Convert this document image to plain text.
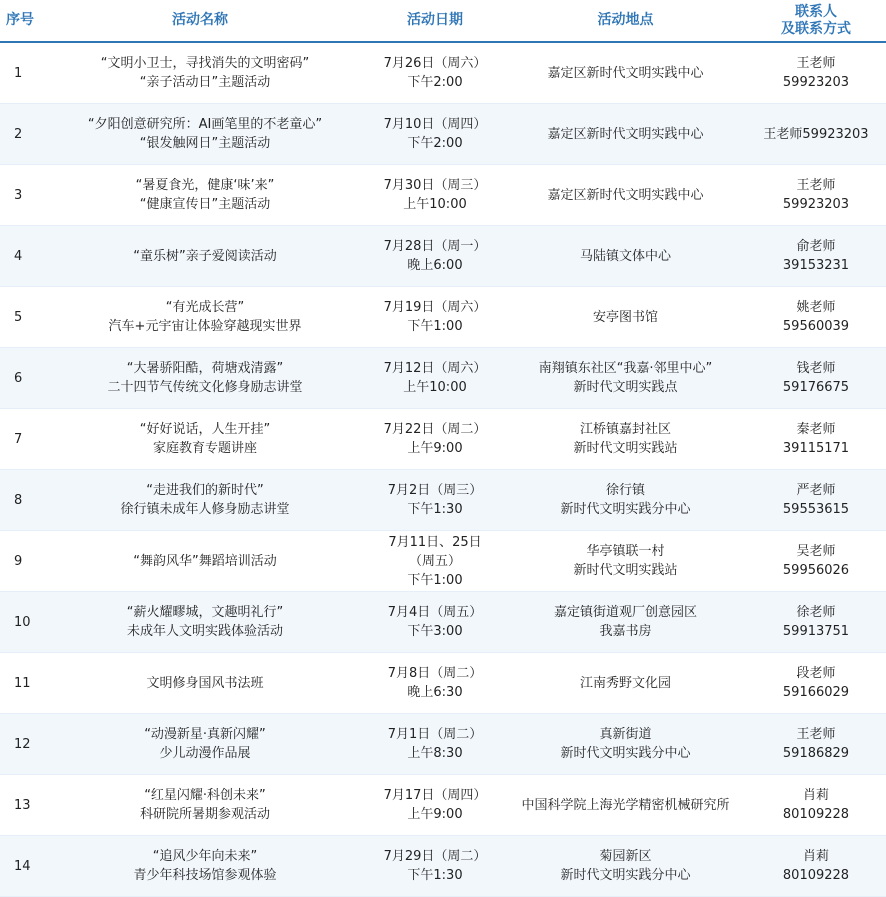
序号	活动名称	活动日期	活动地点	联系人
及联系方式

1	“文明小卫士，寻找消失的文明密码”
“亲子活动日”主题活动	7月26日（周六）
下午2:00	嘉定区新时代文明实践中心	王老师
59923203

2	“夕阳创意研究所：AI画笔里的不老童心”
“银发触网日”主题活动	7月10日（周四）
下午2:00	嘉定区新时代文明实践中心	王老师59923203

3	“暑夏食光，健康‘味’来”
“健康宣传日”主题活动	7月30日（周三）
上午10:00	嘉定区新时代文明实践中心	王老师
59923203

4	“童乐树”亲子爱阅读活动	7月28日（周一）
晚上6:00	马陆镇文体中心	俞老师
39153231

5	“有光成长营”
汽车+元宇宙让体验穿越现实世界	7月19日（周六）
下午1:00	安亭图书馆	姚老师
59560039

6	“大暑骄阳酷，荷塘戏清露”
二十四节气传统文化修身励志讲堂	7月12日（周六）
上午10:00	南翔镇东社区“我嘉·邻里中心”
新时代文明实践点	钱老师
59176675

7	“好好说话，人生开挂”
家庭教育专题讲座	7月22日（周二）
上午9:00	江桥镇嘉封社区
新时代文明实践站	秦老师
39115171

8	“走进我们的新时代”
徐行镇未成年人修身励志讲堂	7月2日（周三）
下午1:30	徐行镇
新时代文明实践分中心	严老师
59553615

9	“舞韵风华”舞蹈培训活动	7月11日、25日
（周五）
下午1:00	华亭镇联一村
新时代文明实践站	吴老师
59956026

10	“薪火耀疁城，文趣明礼行”
未成年人文明实践体验活动	7月4日（周五）
下午3:00	嘉定镇街道观厂创意园区
我嘉书房	徐老师
59913751

11	文明修身国风书法班	7月8日（周二）
晚上6:30	江南秀野文化园	段老师
59166029

12	“动漫新星·真新闪耀”
少儿动漫作品展	7月1日（周二）
上午8:30	真新街道
新时代文明实践分中心	王老师
59186829

13	“红星闪耀·科创未来”
科研院所暑期参观活动	7月17日（周四）
上午9:00	中国科学院上海光学精密机械研究所	肖莉
80109228

14	“追风少年向未来”
青少年科技场馆参观体验	7月29日（周二）
下午1:30	菊园新区
新时代文明实践分中心	肖莉
80109228
